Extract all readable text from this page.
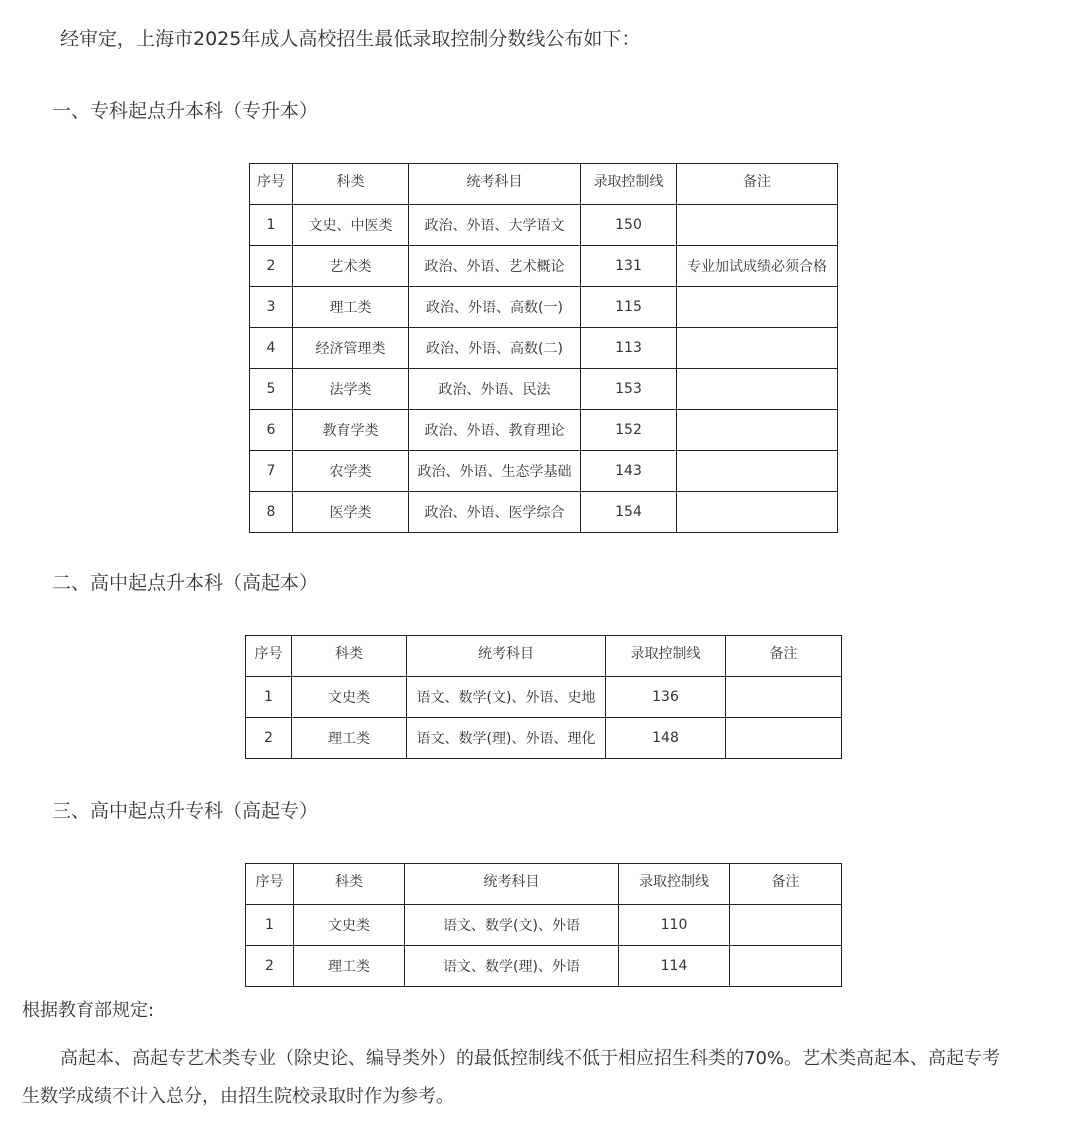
经审定，上海市2025年成人高校招生最低录取控制分数线公布如下：
一、专科起点升本科（专升本）
序号	科类	统考科目	录取控制线	备注
1	文史、中医类	政治、外语、大学语文	150	
2	艺术类	政治、外语、艺术概论	131	专业加试成绩必须合格
3	理工类	政治、外语、高数(一)	115	
4	经济管理类	政治、外语、高数(二)	113	
5	法学类	政治、外语、民法	153	
6	教育学类	政治、外语、教育理论	152	
7	农学类	政治、外语、生态学基础	143	
8	医学类	政治、外语、医学综合	154	
二、高中起点升本科（高起本）
序号	科类	统考科目	录取控制线	备注
1	文史类	语文、数学(文)、外语、史地	136	
2	理工类	语文、数学(理)、外语、理化	148	
三、高中起点升专科（高起专）
序号	科类	统考科目	录取控制线	备注
1	文史类	语文、数学(文)、外语	110	
2	理工类	语文、数学(理)、外语	114	
根据教育部规定:
高起本、高起专艺术类专业（除史论、编导类外）的最低控制线不低于相应招生科类的70%。艺术类高起本、高起专考
生数学成绩不计入总分，由招生院校录取时作为参考。
